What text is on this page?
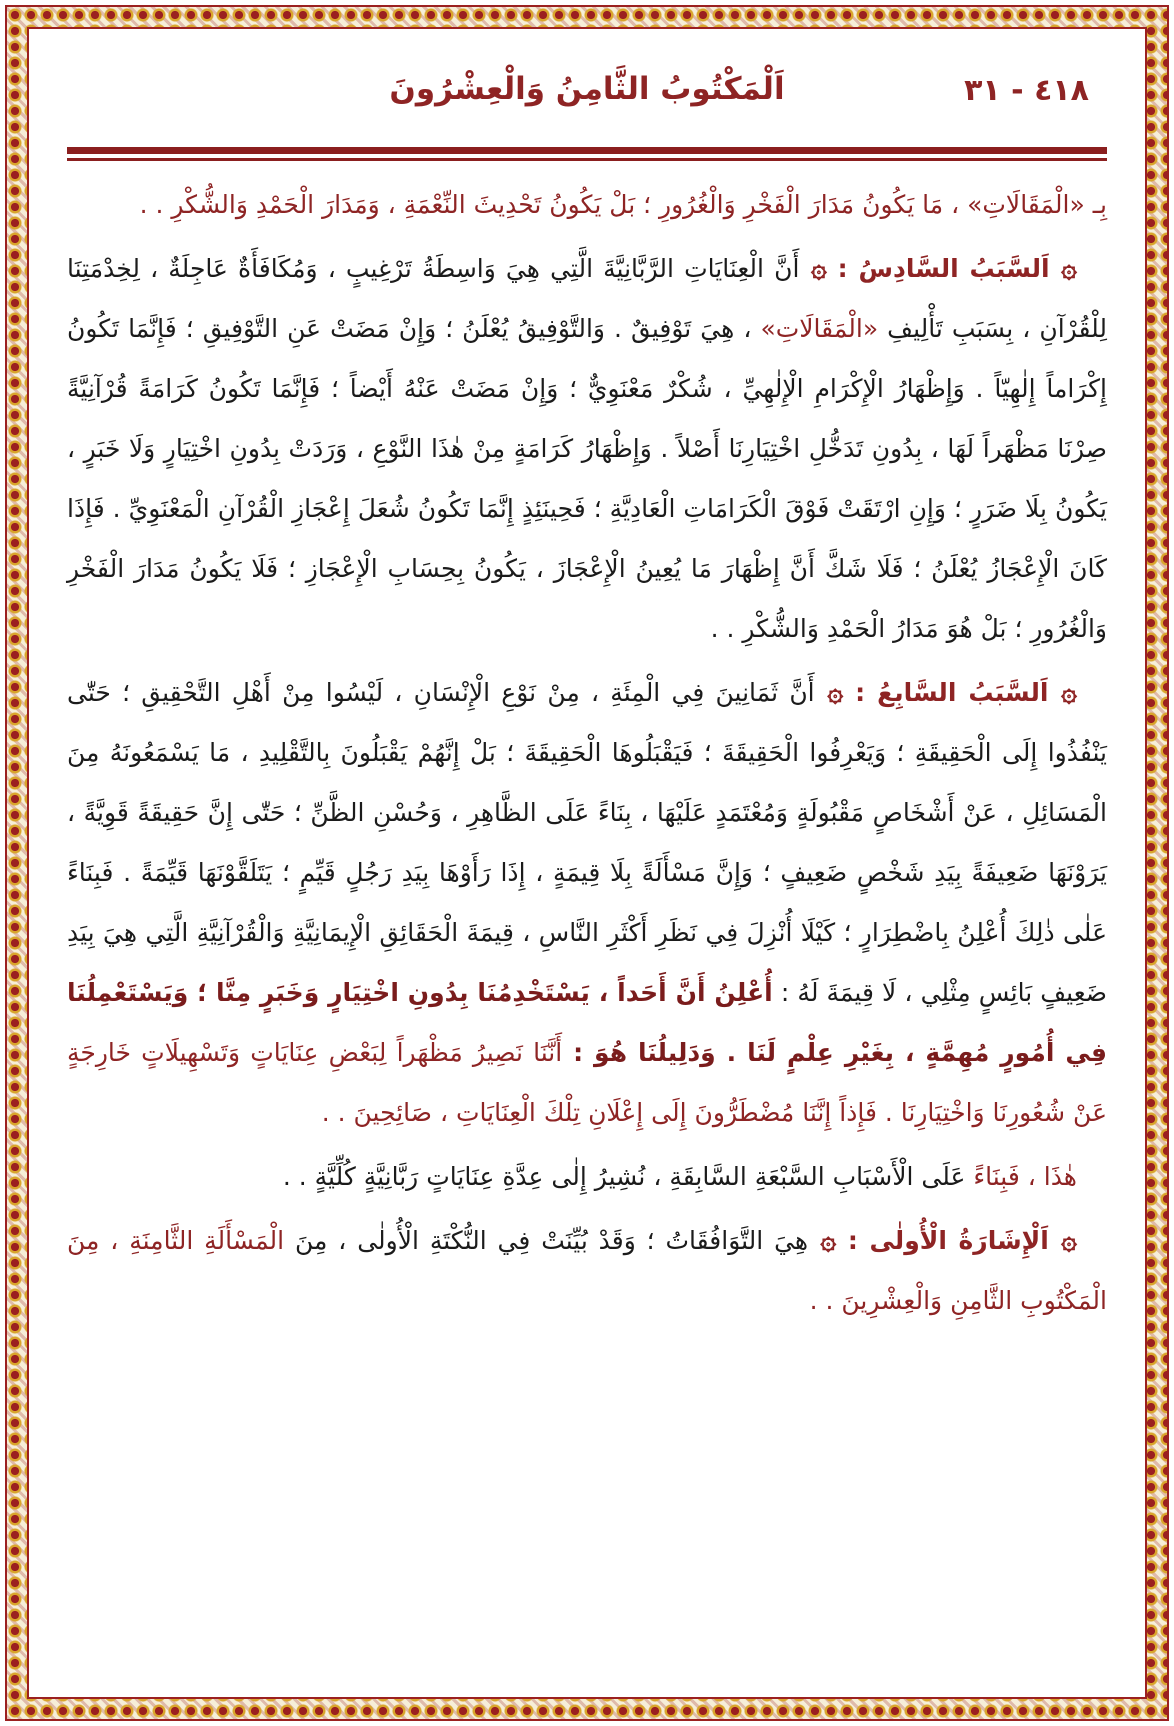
٤١٨ - ٣١
اَلْمَكْتُوبُ الثَّامِنُ وَالْعِشْرُونَ

بِـ «الْمَقَالَاتِ» ، مَا يَكُونُ مَدَارَ الْفَخْرِ وَالْغُرُورِ ؛ بَلْ يَكُونُ تَحْدِيثَ النِّعْمَةِ ، وَمَدَارَ الْحَمْدِ وَالشُّكْرِ . .

۞ اَلسَّبَبُ السَّادِسُ : ۞ أَنَّ الْعِنَايَاتِ الرَّبَّانِيَّةَ الَّتِي هِيَ وَاسِطَةُ تَرْغِيبٍ ، وَمُكَافَأَةٌ عَاجِلَةٌ ، لِخِدْمَتِنَا لِلْقُرْآنِ ، بِسَبَبِ تَأْلِيفِ «الْمَقَالَاتِ» ، هِيَ تَوْفِيقٌ . وَالتَّوْفِيقُ يُعْلَنُ ؛ وَإِنْ مَضَتْ عَنِ التَّوْفِيقِ ؛ فَإِنَّمَا تَكُونُ إِكْرَاماً إِلٰهِيّاً . وَإِظْهَارُ الْإِكْرَامِ الْإِلٰهِيِّ ، شُكْرٌ مَعْنَوِيٌّ ؛ وَإِنْ مَضَتْ عَنْهُ أَيْضاً ؛ فَإِنَّمَا تَكُونُ كَرَامَةً قُرْآنِيَّةً صِرْنَا مَظْهَراً لَهَا ، بِدُونِ تَدَخُّلِ اخْتِيَارِنَا أَصْلاً . وَإِظْهَارُ كَرَامَةٍ مِنْ هٰذَا النَّوْعِ ، وَرَدَتْ بِدُونِ اخْتِيَارٍ وَلَا خَبَرٍ ، يَكُونُ بِلَا ضَرَرٍ ؛ وَإِنِ ارْتَقَتْ فَوْقَ الْكَرَامَاتِ الْعَادِيَّةِ ؛ فَحِينَئِذٍ إِنَّمَا تَكُونُ شُعَلَ إِعْجَازِ الْقُرْآنِ الْمَعْنَوِيِّ . فَإِذَا كَانَ الْإِعْجَازُ يُعْلَنُ ؛ فَلَا شَكَّ أَنَّ إِظْهَارَ مَا يُعِينُ الْإِعْجَازَ ، يَكُونُ بِحِسَابِ الْإِعْجَازِ ؛ فَلَا يَكُونُ مَدَارَ الْفَخْرِ وَالْغُرُورِ ؛ بَلْ هُوَ مَدَارُ الْحَمْدِ وَالشُّكْرِ . .

۞ اَلسَّبَبُ السَّابِعُ : ۞ أَنَّ ثَمَانِينَ فِي الْمِئَةِ ، مِنْ نَوْعِ الْإِنْسَانِ ، لَيْسُوا مِنْ أَهْلِ التَّحْقِيقِ ؛ حَتّٰى يَنْفُذُوا إِلَى الْحَقِيقَةِ ؛ وَيَعْرِفُوا الْحَقِيقَةَ ؛ فَيَقْبَلُوهَا الْحَقِيقَةَ ؛ بَلْ إِنَّهُمْ يَقْبَلُونَ بِالتَّقْلِيدِ ، مَا يَسْمَعُونَهُ مِنَ الْمَسَائِلِ ، عَنْ أَشْخَاصٍ مَقْبُولَةٍ وَمُعْتَمَدٍ عَلَيْهَا ، بِنَاءً عَلَى الظَّاهِرِ ، وَحُسْنِ الظَّنِّ ؛ حَتّٰى إِنَّ حَقِيقَةً قَوِيَّةً ، يَرَوْنَهَا ضَعِيفَةً بِيَدِ شَخْصٍ ضَعِيفٍ ؛ وَإِنَّ مَسْأَلَةً بِلَا قِيمَةٍ ، إِذَا رَأَوْهَا بِيَدِ رَجُلٍ قَيِّمٍ ؛ يَتَلَقَّوْنَهَا قَيِّمَةً . فَبِنَاءً عَلٰى ذٰلِكَ أُعْلِنُ بِاضْطِرَارٍ ؛ كَيْلَا أُنْزِلَ فِي نَظَرِ أَكْثَرِ النَّاسِ ، قِيمَةَ الْحَقَائِقِ الْإِيمَانِيَّةِ وَالْقُرْآنِيَّةِ الَّتِي هِيَ بِيَدِ ضَعِيفٍ بَائِسٍ مِثْلِي ، لَا قِيمَةَ لَهُ : أُعْلِنُ أَنَّ أَحَداً ، يَسْتَخْدِمُنَا بِدُونِ اخْتِيَارٍ وَخَبَرٍ مِنَّا ؛ وَيَسْتَعْمِلُنَا فِي أُمُورٍ مُهِمَّةٍ ، بِغَيْرِ عِلْمٍ لَنَا . وَدَلِيلُنَا هُوَ : أَنَّنَا نَصِيرُ مَظْهَراً لِبَعْضِ عِنَايَاتٍ وَتَسْهِيلَاتٍ خَارِجَةٍ عَنْ شُعُورِنَا وَاخْتِيَارِنَا . فَإِذاً إِنَّنَا مُضْطَرُّونَ إِلَى إِعْلَانِ تِلْكَ الْعِنَايَاتِ ، صَائِحِينَ . .

هٰذَا ، فَبِنَاءً عَلَى الْأَسْبَابِ السَّبْعَةِ السَّابِقَةِ ، نُشِيرُ إِلٰى عِدَّةِ عِنَايَاتٍ رَبَّانِيَّةٍ كُلِّيَّةٍ . .

۞ اَلْإِشَارَةُ الْأُولٰى : ۞ هِيَ التَّوَافُقَاتُ ؛ وَقَدْ بُيِّنَتْ فِي النُّكْتَةِ الْأُولٰى ، مِنَ الْمَسْأَلَةِ الثَّامِنَةِ ، مِنَ الْمَكْتُوبِ الثَّامِنِ وَالْعِشْرِينَ . .
